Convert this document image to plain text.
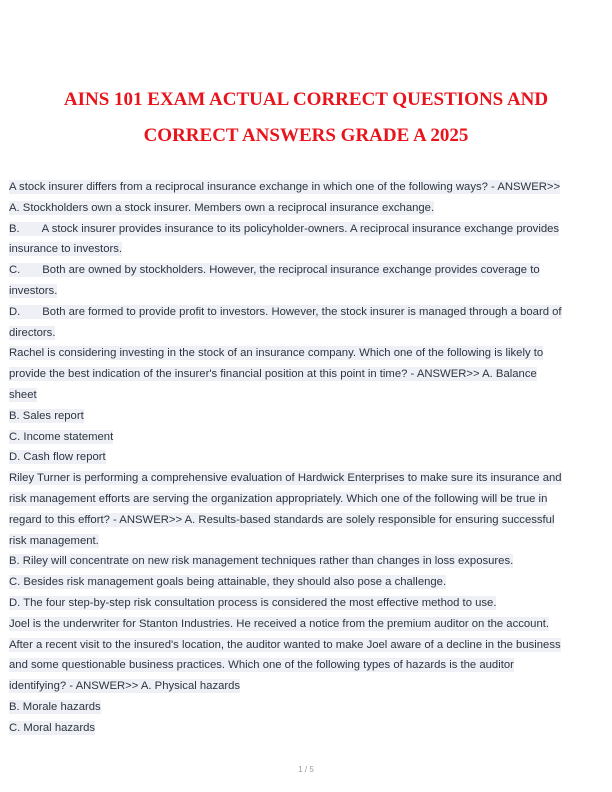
AINS 101 EXAM ACTUAL CORRECT QUESTIONS AND
CORRECT ANSWERS GRADE A 2025
A stock insurer differs from a reciprocal insurance exchange in which one of the following ways? - ANSWER>>
A. Stockholders own a stock insurer. Members own a reciprocal insurance exchange.
B.       A stock insurer provides insurance to its policyholder-owners. A reciprocal insurance exchange provides
insurance to investors.
C.       Both are owned by stockholders. However, the reciprocal insurance exchange provides coverage to
investors.
D.       Both are formed to provide profit to investors. However, the stock insurer is managed through a board of
directors.
Rachel is considering investing in the stock of an insurance company. Which one of the following is likely to
provide the best indication of the insurer's financial position at this point in time? - ANSWER>> A. Balance
sheet
B. Sales report
C. Income statement
D. Cash flow report
Riley Turner is performing a comprehensive evaluation of Hardwick Enterprises to make sure its insurance and
risk management efforts are serving the organization appropriately. Which one of the following will be true in
regard to this effort? - ANSWER>> A. Results-based standards are solely responsible for ensuring successful
risk management.
B. Riley will concentrate on new risk management techniques rather than changes in loss exposures.
C. Besides risk management goals being attainable, they should also pose a challenge.
D. The four step-by-step risk consultation process is considered the most effective method to use.
Joel is the underwriter for Stanton Industries. He received a notice from the premium auditor on the account.
After a recent visit to the insured's location, the auditor wanted to make Joel aware of a decline in the business
and some questionable business practices. Which one of the following types of hazards is the auditor
identifying? - ANSWER>> A. Physical hazards
B. Morale hazards
C. Moral hazards
1 / 5
